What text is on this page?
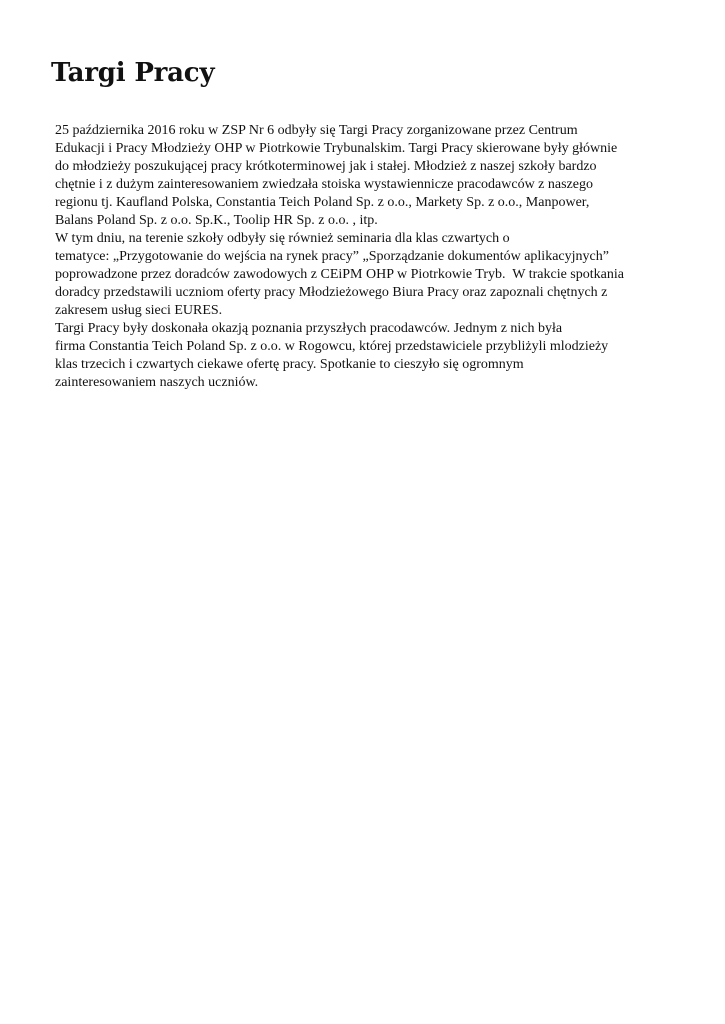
Targi Pracy
25 października 2016 roku w ZSP Nr 6 odbyły się Targi Pracy zorganizowane przez Centrum
Edukacji i Pracy Młodzieży OHP w Piotrkowie Trybunalskim. Targi Pracy skierowane były głównie
do młodzieży poszukującej pracy krótkoterminowej jak i stałej. Młodzież z naszej szkoły bardzo
chętnie i z dużym zainteresowaniem zwiedzała stoiska wystawiennicze pracodawców z naszego
regionu tj. Kaufland Polska, Constantia Teich Poland Sp. z o.o., Markety Sp. z o.o., Manpower,
Balans Poland Sp. z o.o. Sp.K., Toolip HR Sp. z o.o. , itp.
W tym dniu, na terenie szkoły odbyły się również seminaria dla klas czwartych o
tematyce: „Przygotowanie do wejścia na rynek pracy” „Sporządzanie dokumentów aplikacyjnych”
poprowadzone przez doradców zawodowych z CEiPM OHP w Piotrkowie Tryb.  W trakcie spotkania
doradcy przedstawili uczniom oferty pracy Młodzieżowego Biura Pracy oraz zapoznali chętnych z
zakresem usług sieci EURES.
Targi Pracy były doskonała okazją poznania przyszłych pracodawców. Jednym z nich była
firma Constantia Teich Poland Sp. z o.o. w Rogowcu, której przedstawiciele przybliżyli mlodzieży
klas trzecich i czwartych ciekawe ofertę pracy. Spotkanie to cieszyło się ogromnym
zainteresowaniem naszych uczniów.
